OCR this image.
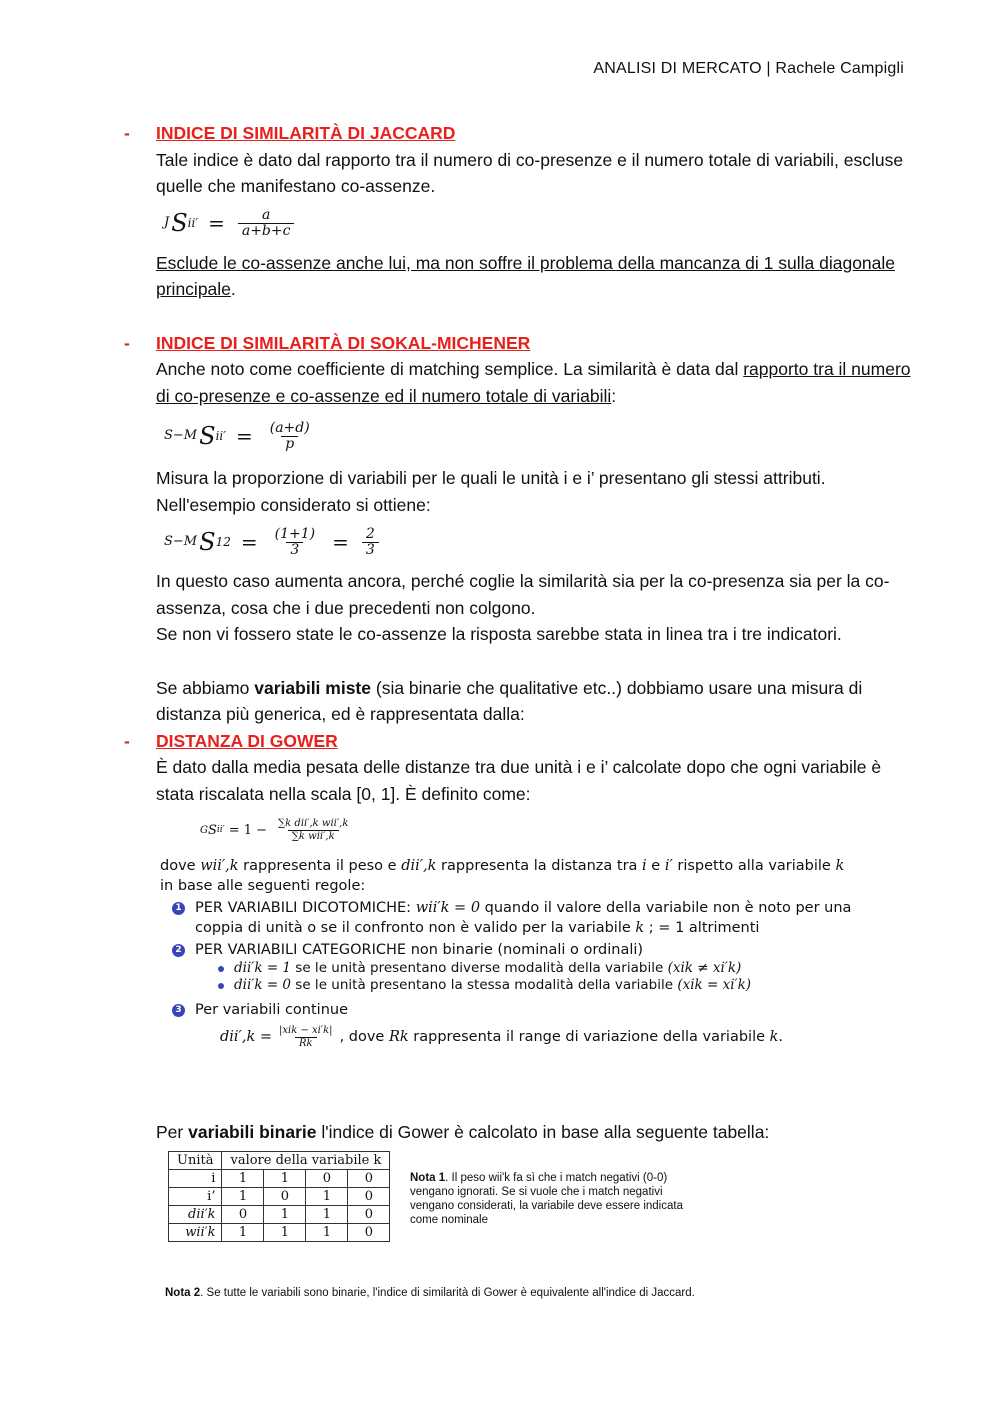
ANALISI DI MERCATO | Rachele Campigli
- INDICE DI SIMILARITÀ DI JACCARD

Tale indice è dato dal rapporto tra il numero di co-presenze e il numero totale di variabili, escluse quelle che manifestano co-assenze.

J S $ii' = \frac{a}{a+b+c}$

Esclude le co-assenze anche lui, ma non soffre il problema della mancanza di 1 sulla diagonale principale.

- INDICE DI SIMILARITÀ DI SOKAL-MICHENER

Anche noto come coefficiente di matching semplice. La similarità è data dal rapporto tra il numero di co-presenze e co-assenze ed il numero totale di variabili:

S−M S $ii' = \frac{(a+d)}{p}$

Misura la proporzione di variabili per le quali le unità i e i’ presentano gli stessi attributi. Nell'esempio considerato si ottiene:

S−M S $12 = \frac{(1+1)}{3} = \frac{2}{3}$

In questo caso aumenta ancora, perché coglie la similarità sia per la co-presenza sia per la co-assenza, cosa che i due precedenti non colgono.

Se non vi fossero state le co-assenze la risposta sarebbe stata in linea tra i tre indicatori.

Se abbiamo variabili miste (sia binarie che qualitative etc..) dobbiamo usare una misura di distanza più generica, ed è rappresentata dalla:

- DISTANZA DI GOWER

È dato dalla media pesata delle distanze tra due unità i e i’ calcolate dopo che ogni variabile è stata riscalata nella scala [0, 1]. È definito come:

G S $ii' = 1 - \frac{\text{∑k dii′,k wii′,k}}{\text{∑k wii′,k}}$
dove wii′,k rappresenta il peso e dii′,k rappresenta la distanza tra i e i′ rispetto alla variabile k in base alle seguenti regole:
1 PER VARIABILI DICOTOMICHE: wii′k = 0 quando il valore della variabile non è noto per una coppia di unità o se il confronto non è valido per la variabile k ; = 1 altrimenti
2 PER VARIABILI CATEGORICHE non binarie (nominali o ordinali)
dii′k = 1 se le unità presentano diverse modalità della variabile (xik ≠ xi′k)
dii′k = 0 se le unità presentano la stessa modalità della variabile (xik = xi′k)
3 Per variabili continue
$dii',k = \frac{\text{|xik − xi′k|}}{Rk}$ , dove
Rk
rappresenta il range di variazione della variabile
k .

Per variabili binarie l'indice di Gower è calcolato in base alla seguente tabella:

Unità	valore della variabile k			
i	1	1	0	0
i’	1	0	1	0
dii′k	0	1	1	0
wii′k	1	1	1	0
Nota 1. Il peso wii'k fa sì che i match negativi (0-0) vengano ignorati. Se si vuole che i match negativi vengano considerati, la variabile deve essere indicata come nominale
Nota 2. Se tutte le variabili sono binarie, l'indice di similarità di Gower è equivalente all'indice di Jaccard.
